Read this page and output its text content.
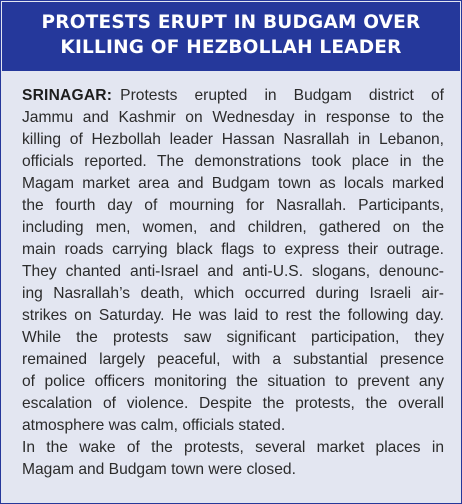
PROTESTS ERUPT IN BUDGAM OVER
KILLING OF HEZBOLLAH LEADER
SRINAGAR: Protests erupted in Budgam district of
Jammu and Kashmir on Wednesday in response to the
killing of Hezbollah leader Hassan Nasrallah in Lebanon,
officials reported. The demonstrations took place in the
Magam market area and Budgam town as locals marked
the fourth day of mourning for Nasrallah. Participants,
including men, women, and children, gathered on the
main roads carrying black flags to express their outrage.
They chanted anti-Israel and anti-U.S. slogans, denounc-
ing Nasrallah’s death, which occurred during Israeli air-
strikes on Saturday. He was laid to rest the following day.
While the protests saw significant participation, they
remained largely peaceful, with a substantial presence
of police officers monitoring the situation to prevent any
escalation of violence. Despite the protests, the overall
atmosphere was calm, officials stated.
In the wake of the protests, several market places in
Magam and Budgam town were closed.
